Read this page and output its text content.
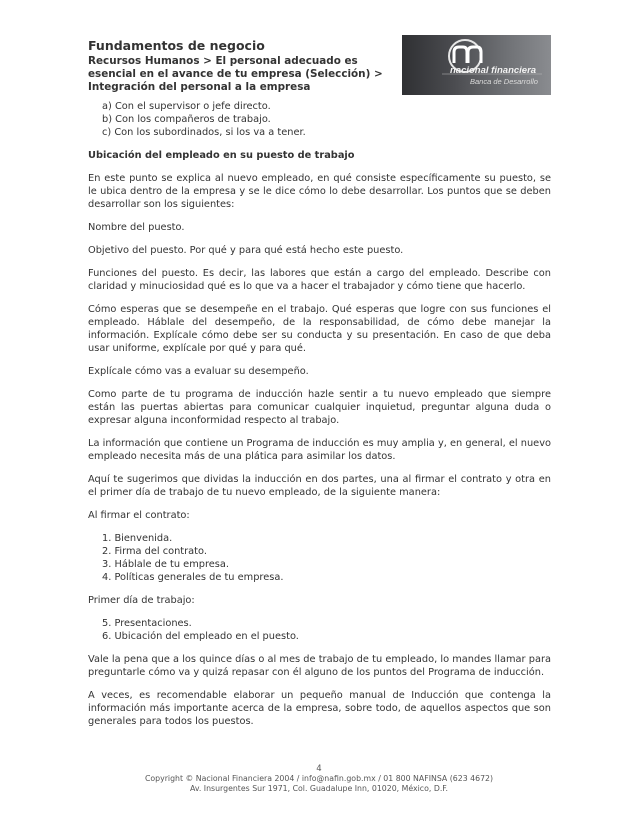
Fundamentos de negocio
Recursos Humanos > El personal adecuado es esencial en el avance de tu empresa (Selección) > Integración del personal a la empresa
nacional financiera
Banca de Desarrollo
a) Con el supervisor o jefe directo.
b) Con los compañeros de trabajo.
c) Con los subordinados, si los va a tener.

Ubicación del empleado en su puesto de trabajo

En este punto se explica al nuevo empleado, en qué consiste específicamente su puesto, se le ubica dentro de la empresa y se le dice cómo lo debe desarrollar. Los puntos que se deben desarrollar son los siguientes:

Nombre del puesto.

Objetivo del puesto. Por qué y para qué está hecho este puesto.

Funciones del puesto. Es decir, las labores que están a cargo del empleado. Describe con claridad y minuciosidad qué es lo que va a hacer el trabajador y cómo tiene que hacerlo.

Cómo esperas que se desempeñe en el trabajo. Qué esperas que logre con sus funciones el empleado. Háblale del desempeño, de la responsabilidad, de cómo debe manejar la información. Explícale cómo debe ser su conducta y su presentación. En caso de que deba usar uniforme, explícale por qué y para qué.

Explícale cómo vas a evaluar su desempeño.

Como parte de tu programa de inducción hazle sentir a tu nuevo empleado que siempre están las puertas abiertas para comunicar cualquier inquietud, preguntar alguna duda o expresar alguna inconformidad respecto al trabajo.

La información que contiene un Programa de inducción es muy amplia y, en general, el nuevo empleado necesita más de una plática para asimilar los datos.

Aquí te sugerimos que dividas la inducción en dos partes, una al firmar el contrato y otra en el primer día de trabajo de tu nuevo empleado, de la siguiente manera:

Al firmar el contrato:

1. Bienvenida.
2. Firma del contrato.
3. Háblale de tu empresa.
4. Políticas generales de tu empresa.

Primer día de trabajo:

5. Presentaciones.
6. Ubicación del empleado en el puesto.

Vale la pena que a los quince días o al mes de trabajo de tu empleado, lo mandes llamar para preguntarle cómo va y quizá repasar con él alguno de los puntos del Programa de inducción.

A veces, es recomendable elaborar un pequeño manual de Inducción que contenga la información más importante acerca de la empresa, sobre todo, de aquellos aspectos que son generales para todos los puestos.

4
Copyright © Nacional Financiera 2004 / info@nafin.gob.mx / 01 800 NAFINSA (623 4672)
Av. Insurgentes Sur 1971, Col. Guadalupe Inn, 01020, México, D.F.
